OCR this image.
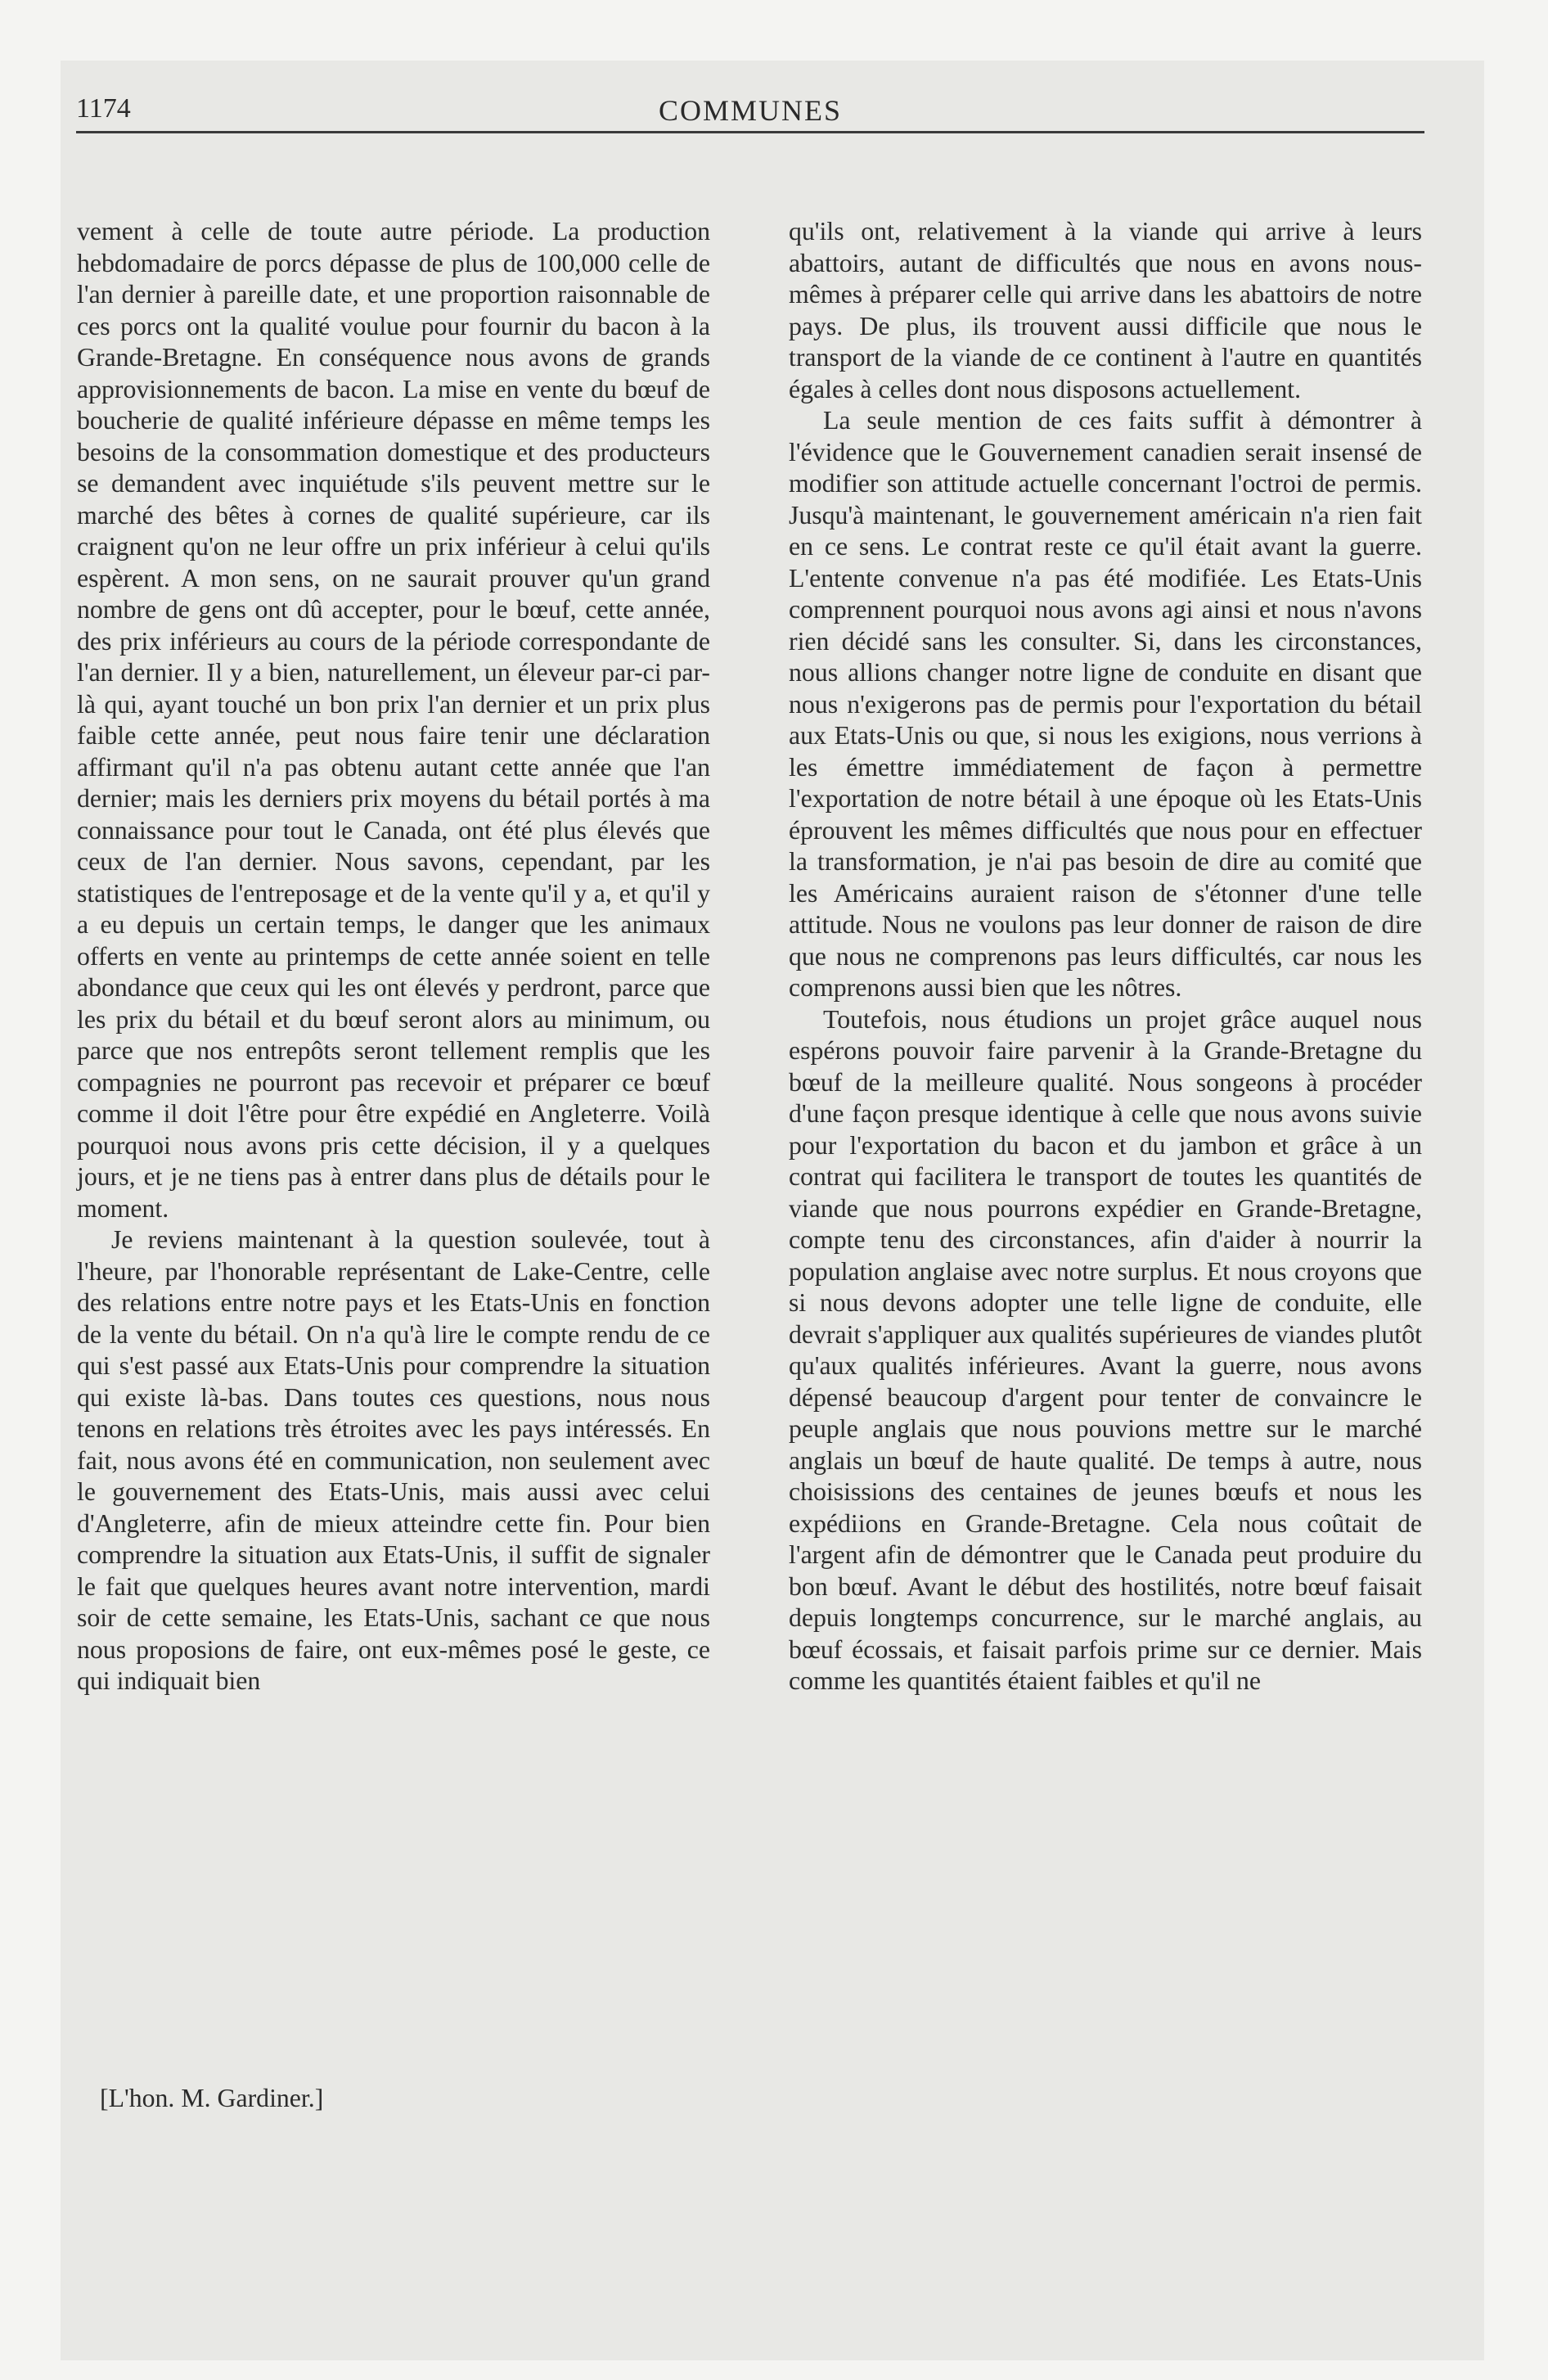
1174	COMMUNES

vement à celle de toute autre période. La production hebdomadaire de porcs dépasse de plus de 100,000 celle de l'an dernier à pareille date, et une proportion raisonnable de ces porcs ont la qualité voulue pour fournir du bacon à la Grande-Bretagne. En conséquence nous avons de grands approvisionnements de bacon. La mise en vente du bœuf de boucherie de qualité inférieure dépasse en même temps les besoins de la consommation domestique et des producteurs se demandent avec inquiétude s'ils peuvent mettre sur le marché des bêtes à cornes de qualité supérieure, car ils craignent qu'on ne leur offre un prix inférieur à celui qu'ils espèrent. A mon sens, on ne saurait prouver qu'un grand nombre de gens ont dû accepter, pour le bœuf, cette année, des prix inférieurs au cours de la période correspondante de l'an dernier. Il y a bien, naturellement, un éleveur par-ci par-là qui, ayant touché un bon prix l'an dernier et un prix plus faible cette année, peut nous faire tenir une déclaration affirmant qu'il n'a pas obtenu autant cette année que l'an dernier; mais les derniers prix moyens du bétail portés à ma connaissance pour tout le Canada, ont été plus élevés que ceux de l'an dernier. Nous savons, cependant, par les statistiques de l'entreposage et de la vente qu'il y a, et qu'il y a eu depuis un certain temps, le danger que les animaux offerts en vente au printemps de cette année soient en telle abondance que ceux qui les ont élevés y perdront, parce que les prix du bétail et du bœuf seront alors au minimum, ou parce que nos entrepôts seront tellement remplis que les compagnies ne pourront pas recevoir et préparer ce bœuf comme il doit l'être pour être expédié en Angleterre. Voilà pourquoi nous avons pris cette décision, il y a quelques jours, et je ne tiens pas à entrer dans plus de détails pour le moment.

Je reviens maintenant à la question soulevée, tout à l'heure, par l'honorable représentant de Lake-Centre, celle des relations entre notre pays et les Etats-Unis en fonction de la vente du bétail. On n'a qu'à lire le compte rendu de ce qui s'est passé aux Etats-Unis pour comprendre la situation qui existe là-bas. Dans toutes ces questions, nous nous tenons en relations très étroites avec les pays intéressés. En fait, nous avons été en communication, non seulement avec le gouvernement des Etats-Unis, mais aussi avec celui d'Angleterre, afin de mieux atteindre cette fin. Pour bien comprendre la situation aux Etats-Unis, il suffit de signaler le fait que quelques heures avant notre intervention, mardi soir de cette semaine, les Etats-Unis, sachant ce que nous nous proposions de faire, ont eux-mêmes posé le geste, ce qui indiquait bien

[L'hon. M. Gardiner.]

qu'ils ont, relativement à la viande qui arrive à leurs abattoirs, autant de difficultés que nous en avons nous-mêmes à préparer celle qui arrive dans les abattoirs de notre pays. De plus, ils trouvent aussi difficile que nous le transport de la viande de ce continent à l'autre en quantités égales à celles dont nous disposons actuellement.

La seule mention de ces faits suffit à démontrer à l'évidence que le Gouvernement canadien serait insensé de modifier son attitude actuelle concernant l'octroi de permis. Jusqu'à maintenant, le gouvernement américain n'a rien fait en ce sens. Le contrat reste ce qu'il était avant la guerre. L'entente convenue n'a pas été modifiée. Les Etats-Unis comprennent pourquoi nous avons agi ainsi et nous n'avons rien décidé sans les consulter. Si, dans les circonstances, nous allions changer notre ligne de conduite en disant que nous n'exigerons pas de permis pour l'exportation du bétail aux Etats-Unis ou que, si nous les exigions, nous verrions à les émettre immédiatement de façon à permettre l'exportation de notre bétail à une époque où les Etats-Unis éprouvent les mêmes difficultés que nous pour en effectuer la transformation, je n'ai pas besoin de dire au comité que les Américains auraient raison de s'étonner d'une telle attitude. Nous ne voulons pas leur donner de raison de dire que nous ne comprenons pas leurs difficultés, car nous les comprenons aussi bien que les nôtres.

Toutefois, nous étudions un projet grâce auquel nous espérons pouvoir faire parvenir à la Grande-Bretagne du bœuf de la meilleure qualité. Nous songeons à procéder d'une façon presque identique à celle que nous avons suivie pour l'exportation du bacon et du jambon et grâce à un contrat qui facilitera le transport de toutes les quantités de viande que nous pourrons expédier en Grande-Bretagne, compte tenu des circonstances, afin d'aider à nourrir la population anglaise avec notre surplus. Et nous croyons que si nous devons adopter une telle ligne de conduite, elle devrait s'appliquer aux qualités supérieures de viandes plutôt qu'aux qualités inférieures. Avant la guerre, nous avons dépensé beaucoup d'argent pour tenter de convaincre le peuple anglais que nous pouvions mettre sur le marché anglais un bœuf de haute qualité. De temps à autre, nous choisissions des centaines de jeunes bœufs et nous les expédiions en Grande-Bretagne. Cela nous coûtait de l'argent afin de démontrer que le Canada peut produire du bon bœuf. Avant le début des hostilités, notre bœuf faisait depuis longtemps concurrence, sur le marché anglais, au bœuf écossais, et faisait parfois prime sur ce dernier. Mais comme les quantités étaient faibles et qu'il ne
